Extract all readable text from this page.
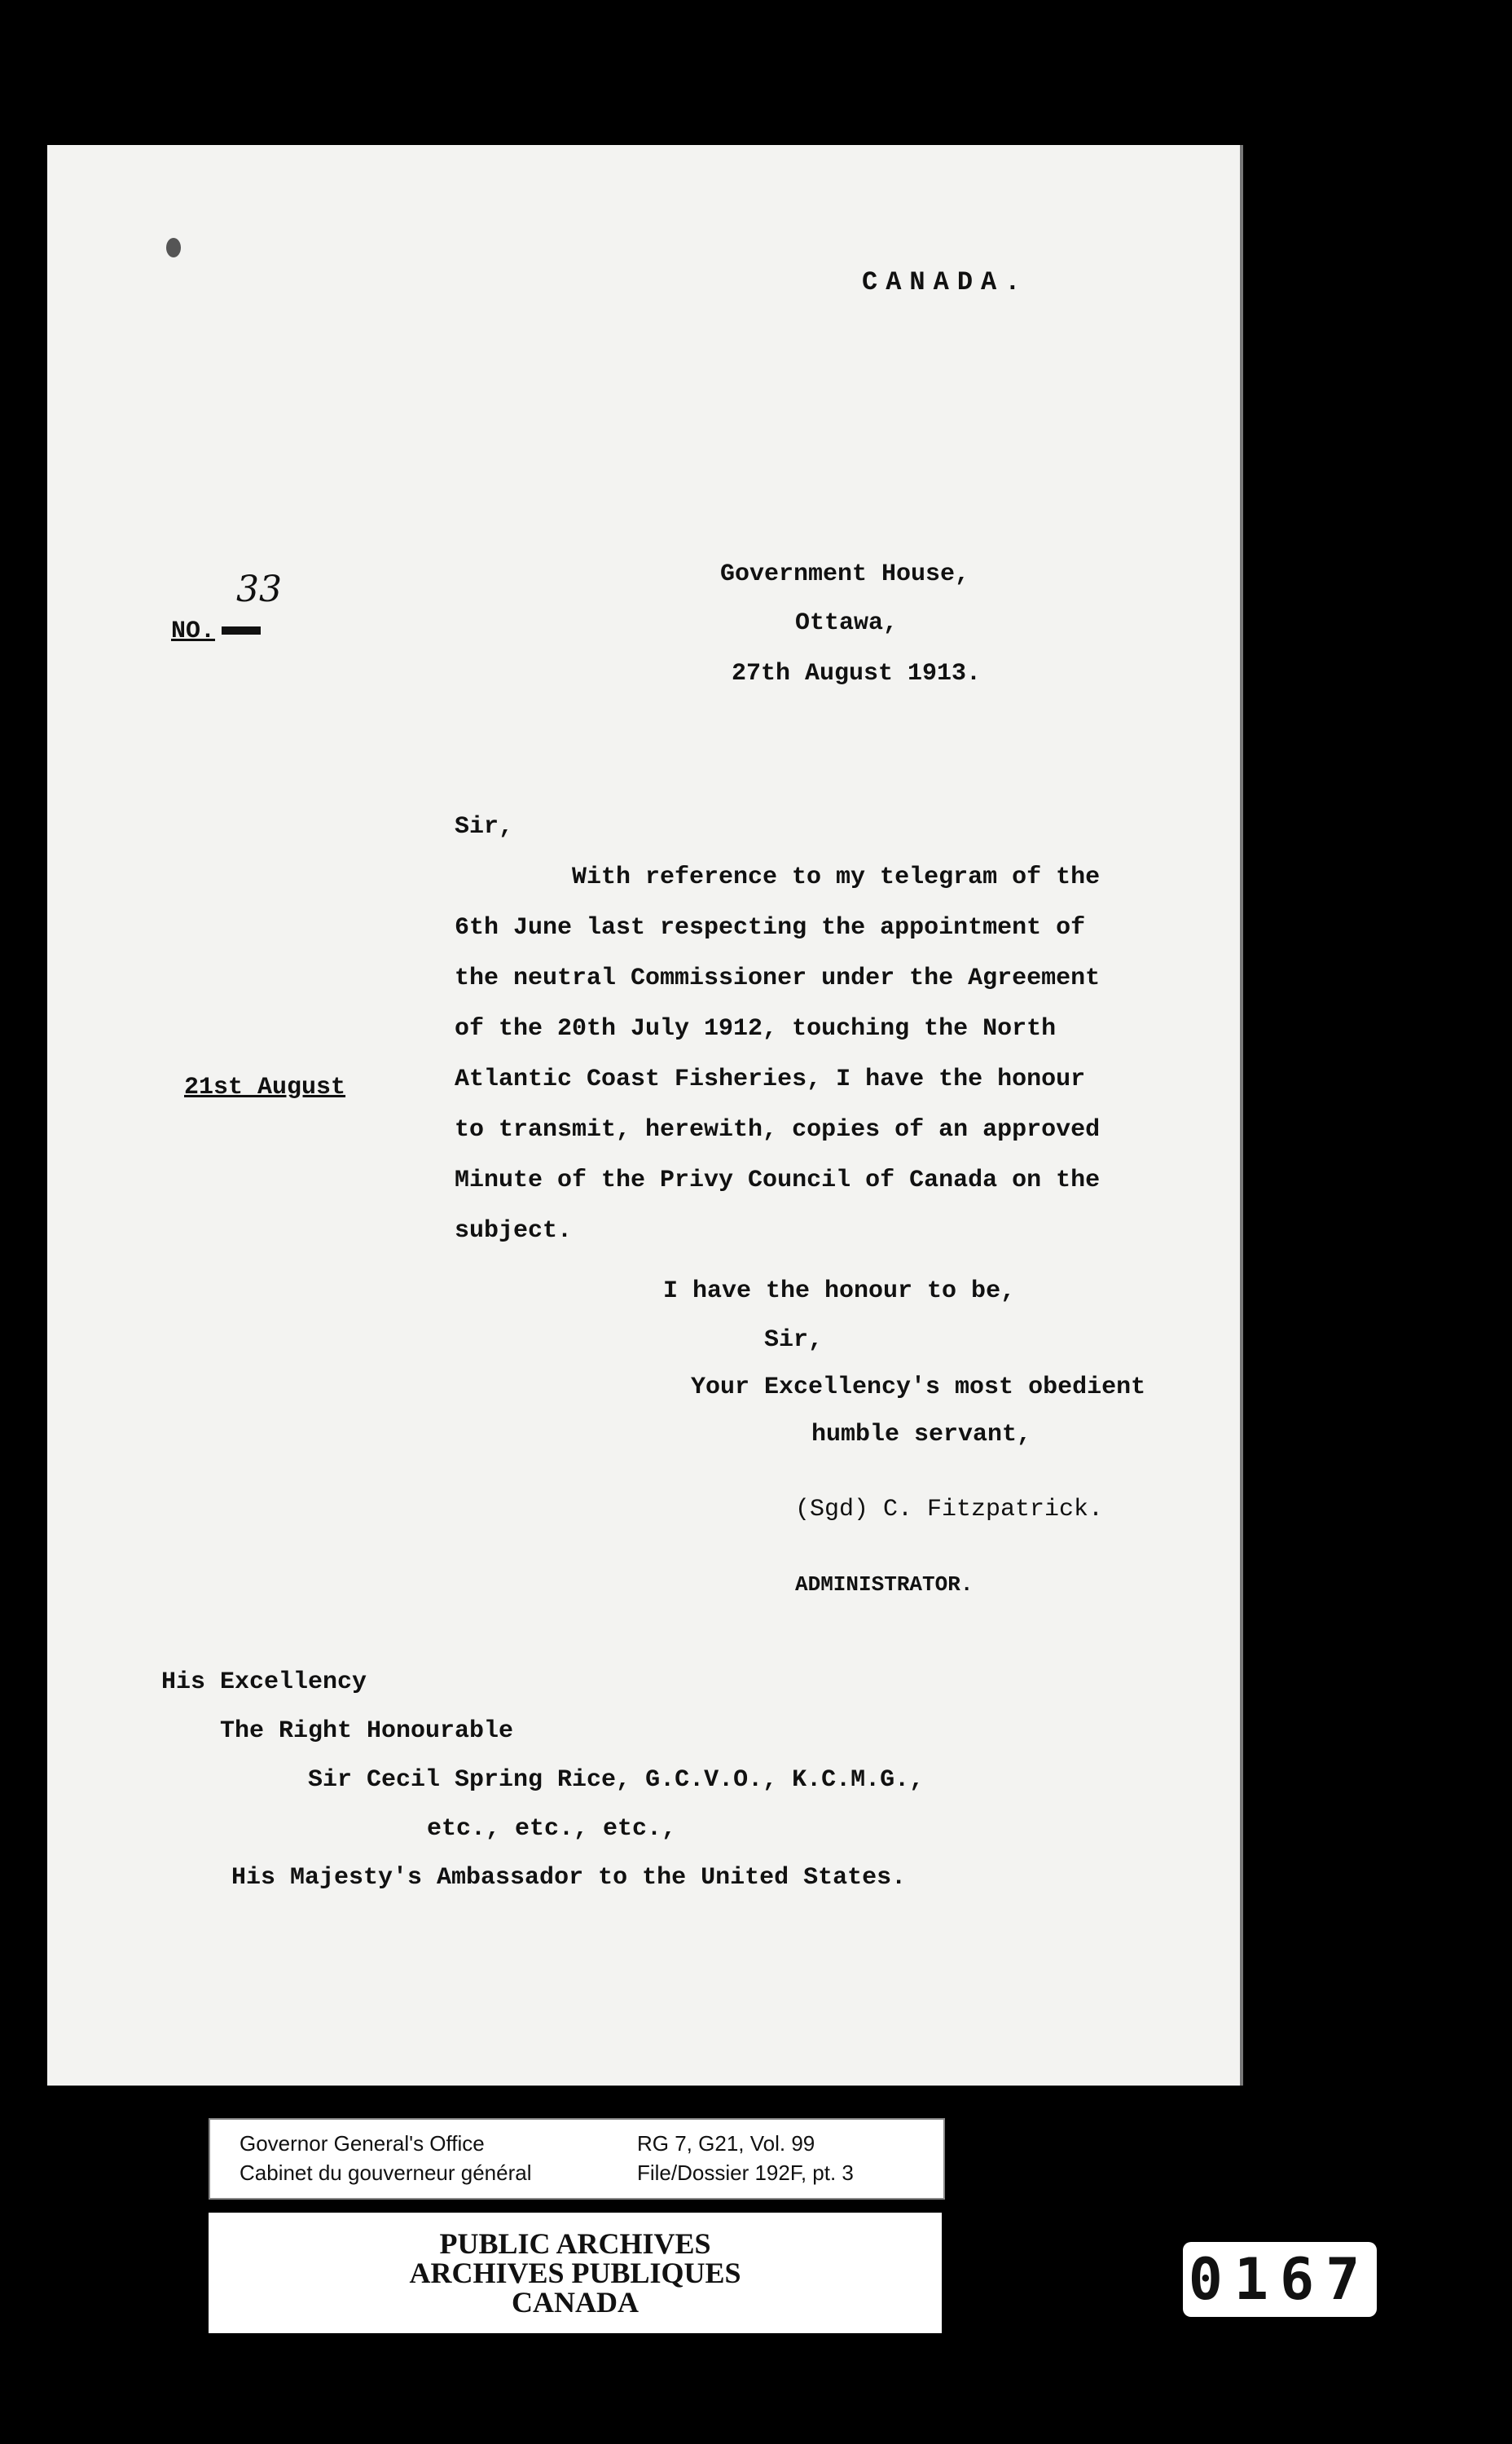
CANADA.
33
NO.
Government House,
Ottawa,
27th August 1913.
Sir,
With reference to my telegram of the
6th June last respecting the appointment of
the neutral Commissioner under the Agreement
of the 20th July 1912, touching the North
Atlantic Coast Fisheries, I have the honour
to transmit, herewith, copies of an approved
Minute of the Privy Council of Canada on the
subject.
21st August
I have the honour to be,
Sir,
Your Excellency's most obedient
humble servant,
(Sgd) C. Fitzpatrick.
ADMINISTRATOR.
His Excellency
The Right Honourable
Sir Cecil Spring Rice, G.C.V.O., K.C.M.G.,
etc., etc., etc.,
His Majesty's Ambassador to the United States.
Governor General's Office
Cabinet du gouverneur général
RG 7, G21, Vol. 99
File/Dossier 192F, pt. 3
PUBLIC ARCHIVES
ARCHIVES PUBLIQUES
CANADA	0167
